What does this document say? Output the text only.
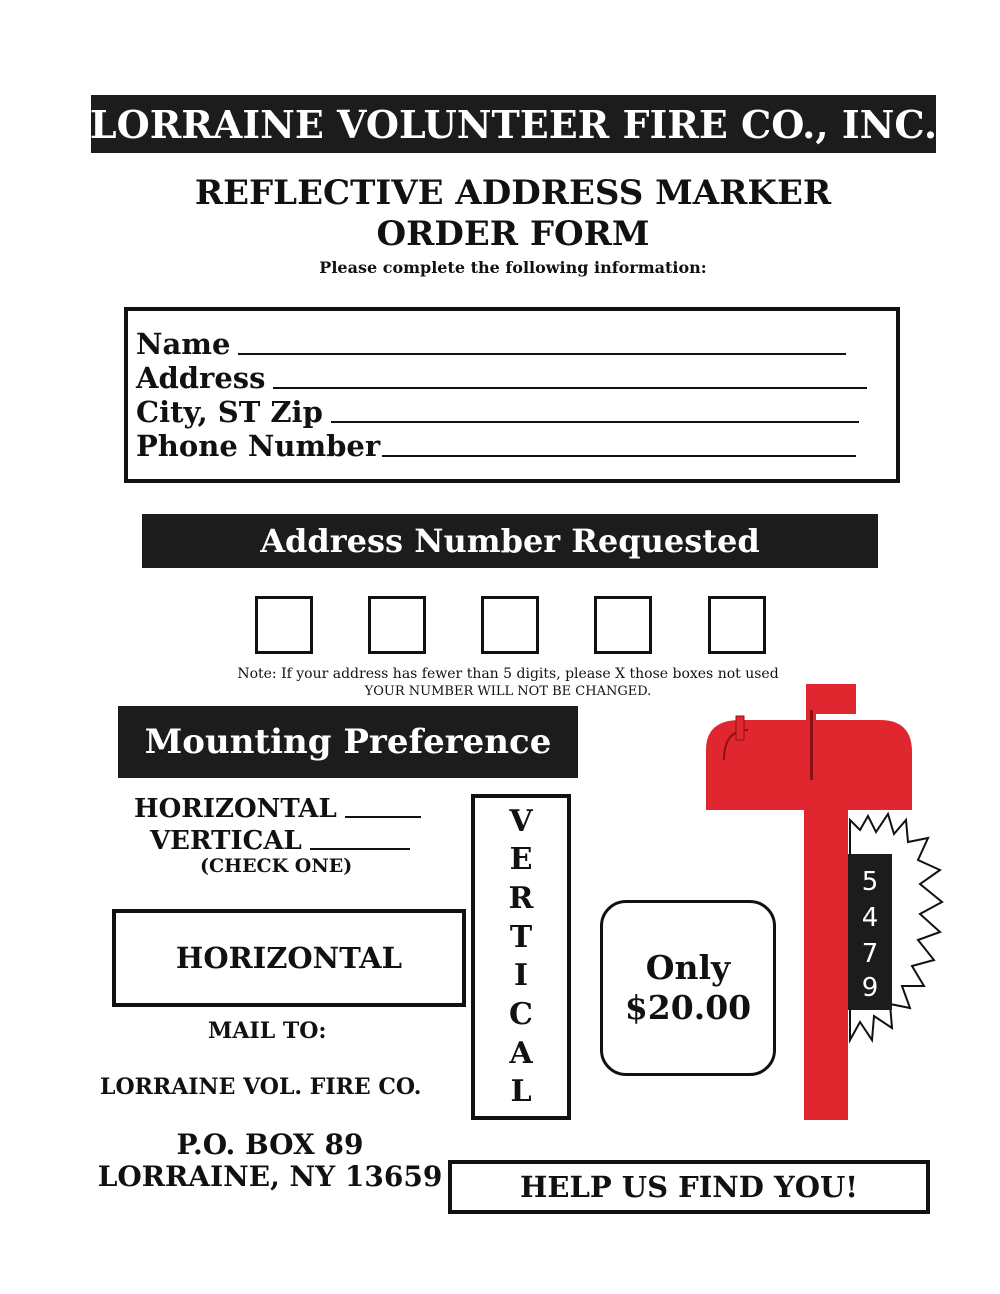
LORRAINE VOLUNTEER FIRE CO., INC.
REFLECTIVE ADDRESS MARKER
ORDER FORM
Please complete the following information:
Name
Address
City, ST Zip
Phone Number
Address Number Requested
Note: If your address has fewer than 5 digits, please X those boxes not used
YOUR NUMBER WILL NOT BE CHANGED.
Mounting Preference
HORIZONTAL
VERTICAL
(CHECK ONE)
HORIZONTAL
V
E
R
T
I
C
A
L
Only
$20.00
5
4
7
9
MAIL TO:
LORRAINE VOL. FIRE CO.
P.O. BOX 89
LORRAINE, NY 13659	HELP US FIND YOU!
